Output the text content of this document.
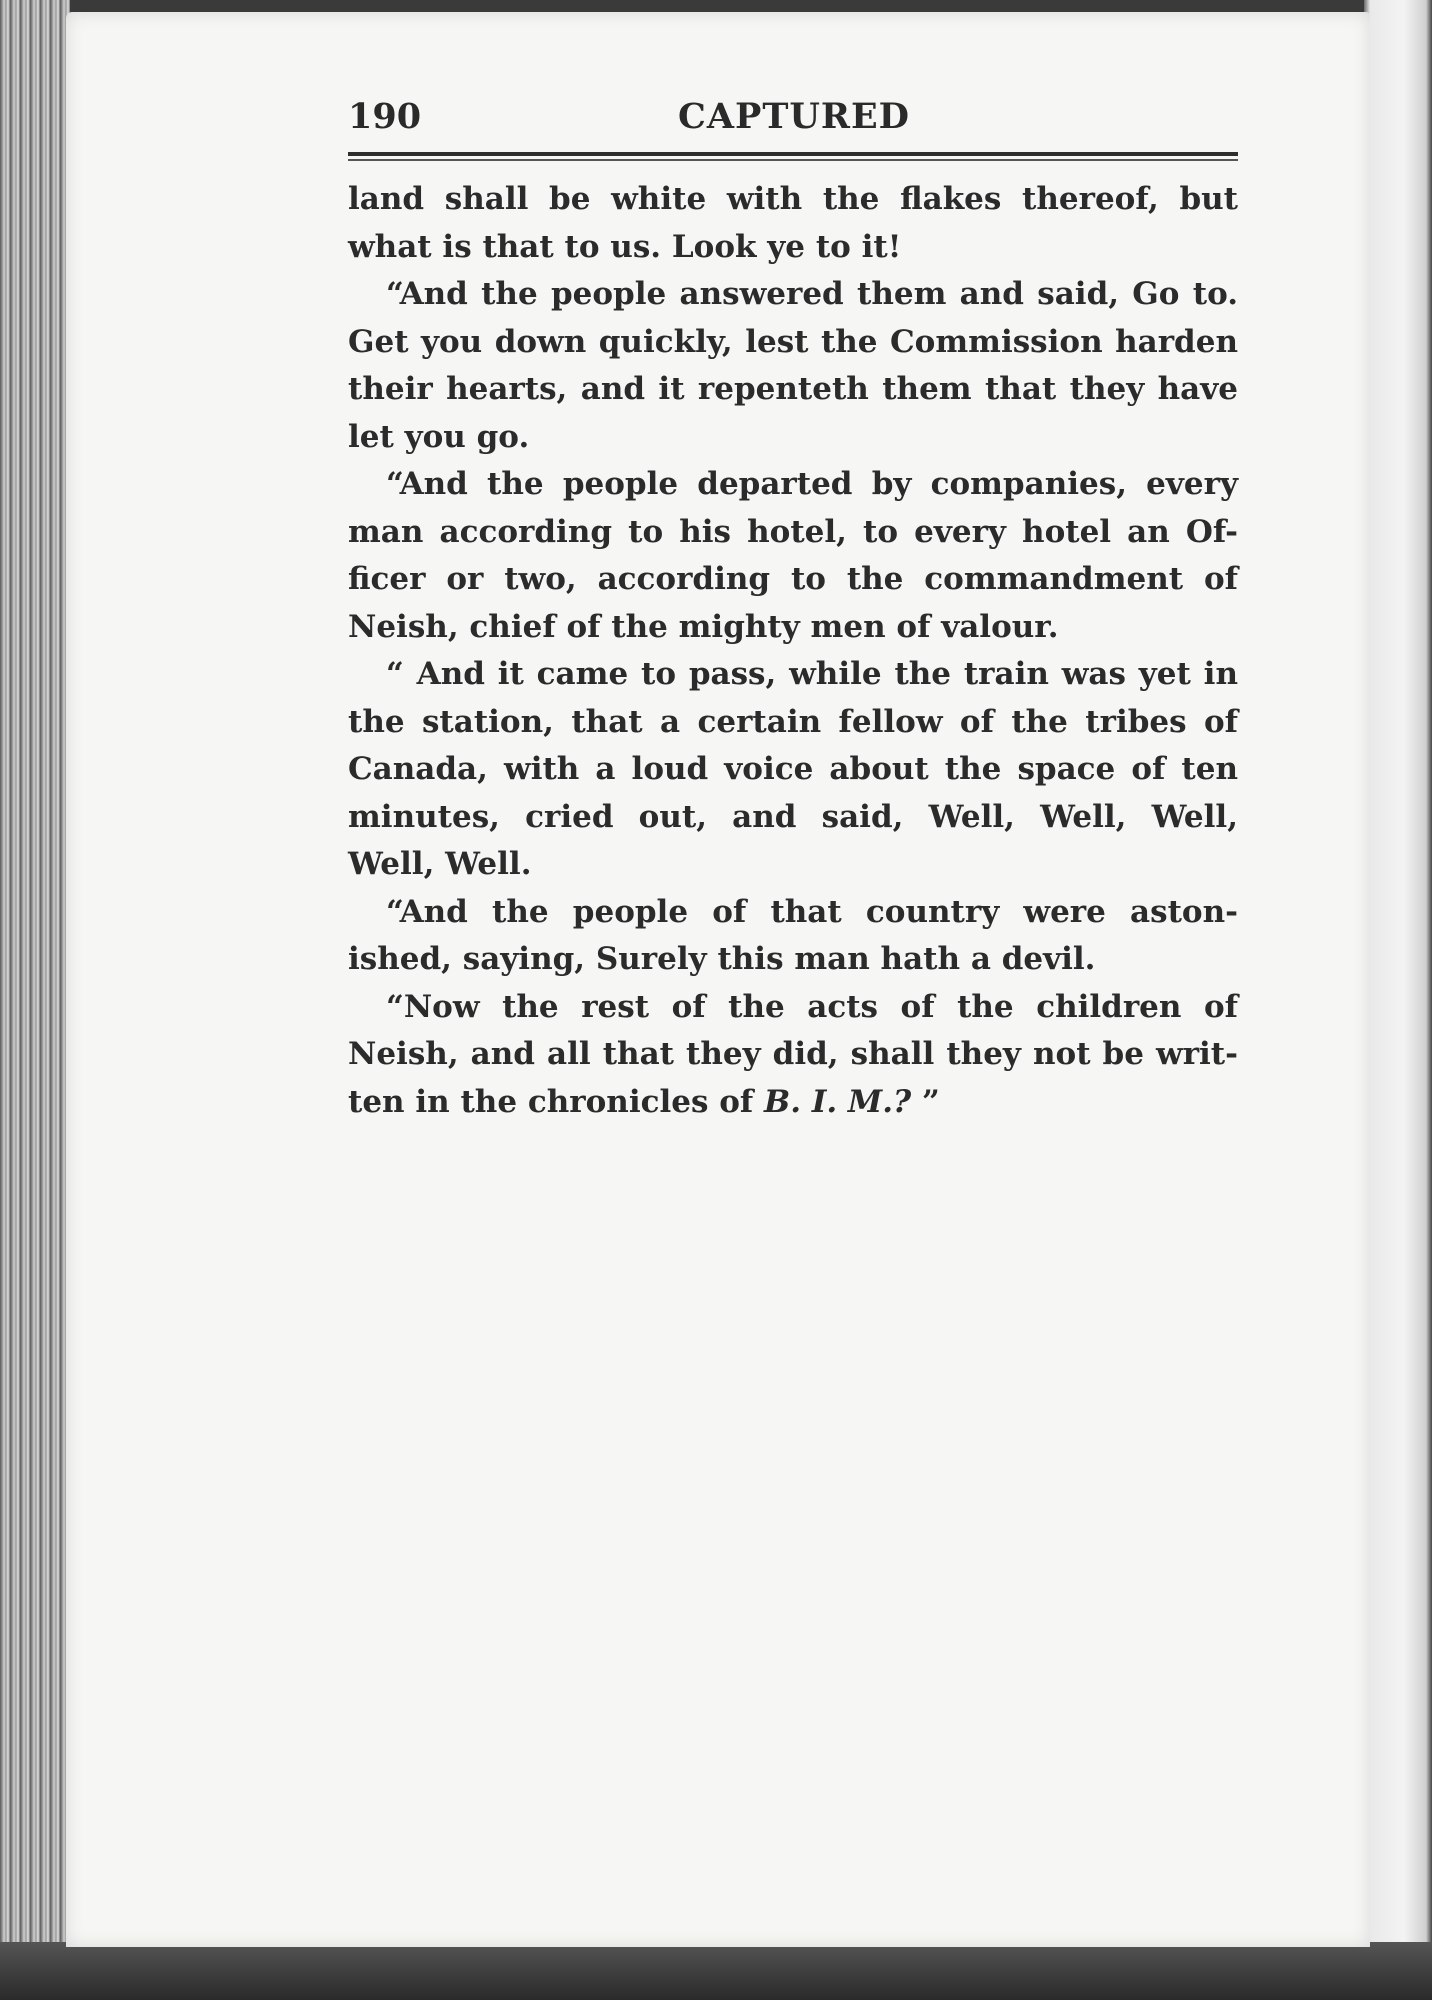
190	CAPTURED
land shall be white with the flakes thereof, but
what is that to us. Look ye to it!
“And the people answered them and said, Go to.
Get you down quickly, lest the Commission harden
their hearts, and it repenteth them that they have
let you go.
“And the people departed by companies, every
man according to his hotel, to every hotel an Of-
ficer or two, according to the commandment of
Neish, chief of the mighty men of valour.
“ And it came to pass, while the train was yet in
the station, that a certain fellow of the tribes of
Canada, with a loud voice about the space of ten
minutes, cried out, and said, Well, Well, Well,
Well, Well.
“And the people of that country were aston-
ished, saying, Surely this man hath a devil.
“Now the rest of the acts of the children of
Neish, and all that they did, shall they not be writ-
ten in the chronicles of B. I. M.? ”
